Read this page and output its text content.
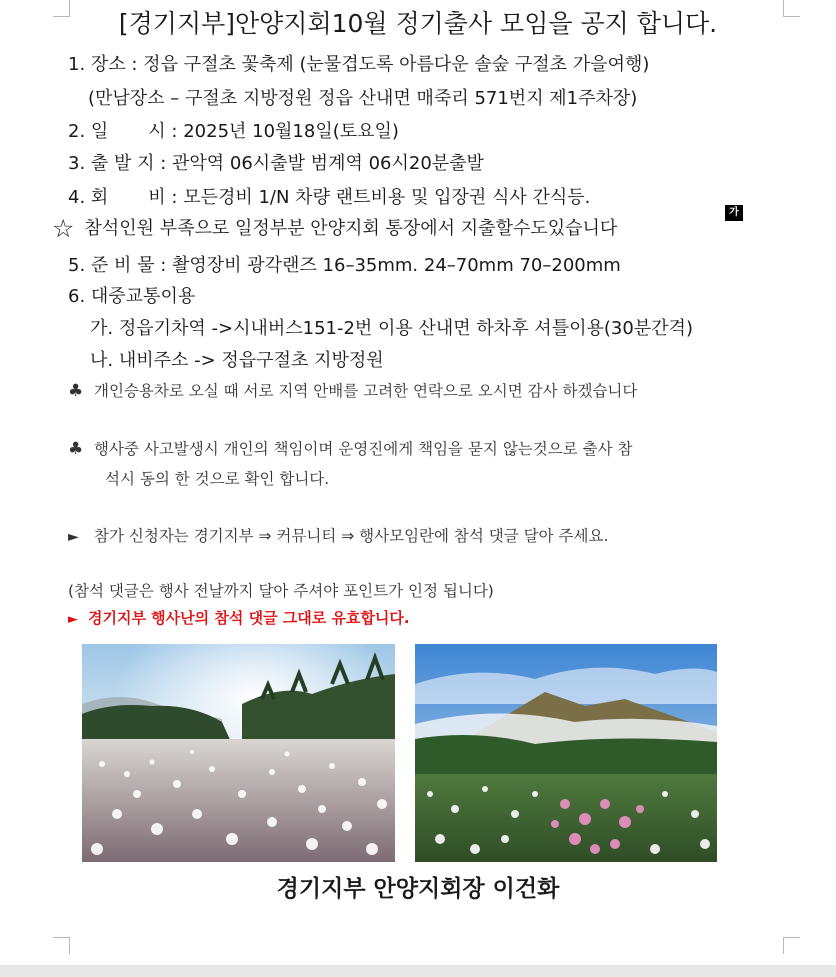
[경기지부]안양지회10월 정기출사 모임을 공지 합니다.
1. 장소 : 정읍 구절초 꽃축제 (눈물겹도록 아름다운 솔숲 구절초 가을여행)
(만남장소 – 구절초 지방정원 정읍 산내면 매죽리 571번지 제1주차장)
2. 일 시 : 2025년 10월18일(토요일)
3. 출 발 지 : 관악역 06시출발 범계역 06시20분출발
4. 회 비 : 모든경비 1/N 차량 랜트비용 및 입장권 식사 간식등.
☆ 참석인원 부족으로 일정부분 안양지회 통장에서 지출할수도있습니다
가
5. 준 비 물 : 촬영장비 광각랜즈 16–35mm. 24–70mm 70–200mm
6. 대중교통이용
가. 정읍기차역 ->시내버스151-2번 이용 산내면 하차후 셔틀이용(30분간격)
나. 내비주소 -> 정읍구절초 지방정원
♣ 개인승용차로 오실 때 서로 지역 안배를 고려한 연락으로 오시면 감사 하겠습니다
♣ 행사중 사고발생시 개인의 책임이며 운영진에게 책임을 묻지 않는것으로 출사 참
석시 동의 한 것으로 확인 합니다.
► 참가 신청자는 경기지부 ⇒ 커뮤니티 ⇒ 행사모임란에 참석 댓글 달아 주세요.
(참석 댓글은 행사 전날까지 달아 주셔야 포인트가 인정 됩니다)
► 경기지부 행사난의 참석 댓글 그대로 유효합니다.
경기지부 안양지회장 이건화
